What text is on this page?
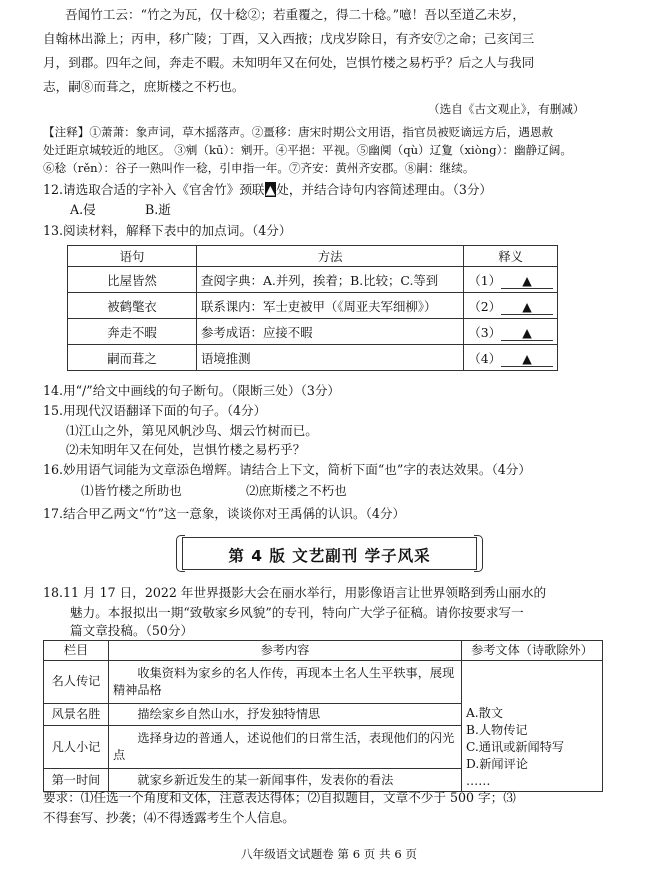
吾闻竹工云：“竹之为瓦，仅十稔②；若重覆之，得二十稔。”噫！吾以至道乙未岁，
自翰林出滁上；丙申，移广陵；丁酉，又入西掖；戊戌岁除日，有齐安⑦之命；己亥闰三
月，到郡。四年之间，奔走不暇。未知明年又在何处，岂惧竹楼之易朽乎？后之人与我同
志，嗣⑧而葺之，庶斯楼之不朽也。
（选自《古文观止》，有删减）
【注释】①萧萧：象声词，草木摇落声。②畺移：唐宋时期公文用语，指官员被贬谪远方后，遇恩赦
处迁距京城较近的地区。 ③剜（kū）：剜开。④平挹：平视。⑤幽阒（qù）辽夐（xiòng）：幽静辽阔。
⑥稔（rěn）：谷子一熟叫作一稔，引申指一年。⑦齐安：黄州齐安郡。⑧嗣：继续。
12.请选取合适的字补入《官舍竹》颈联▲处，并结合诗句内容简述理由。（3分）
A.侵	B.逝
13.阅读材料，解释下表中的加点词。（4分）
语句	方法	释义
比屋皆然	查阅字典：A.并列，挨着；B.比较；C.等到	（1） ▲
被鹤氅衣	联系课内：军士吏被甲（《周亚夫军细柳》）	（2） ▲
奔走不暇	参考成语：应接不暇	（3） ▲
嗣而葺之	语境推测	（4） ▲
14.用“/”给文中画线的句子断句。（限断三处）（3分）
15.用现代汉语翻译下面的句子。（4分）
⑴江山之外，第见风帆沙鸟、烟云竹树而已。
⑵未知明年又在何处，岂惧竹楼之易朽乎？
16.妙用语气词能为文章添色增辉。请结合上下文，简析下面“也”字的表达效果。（4分）
⑴皆竹楼之所助也	⑵庶斯楼之不朽也
17.结合甲乙两文“竹”这一意象，谈谈你对王禹偁的认识。（4分）
第 4 版 文艺副刊 学子风采
18.11 月 17 日，2022 年世界摄影大会在丽水举行，用影像语言让世界领略到秀山丽水的
魅力。本报拟出一期“致敬家乡风貌”的专刊，特向广大学子征稿。请你按要求写一
篇文章投稿。（50分）
栏目	参考内容	参考文体（诗歌除外）
名人传记	收集资料为家乡的名人作传，再现本土名人生平轶事，展现精神品格	A.散文
B.人物传记
C.通讯或新闻特写
D.新闻评论
……

风景名胜	描绘家乡自然山水，抒发独特情思	
凡人小记	选择身边的普通人，述说他们的日常生活，表现他们的闪光点	
第一时间	就家乡新近发生的某一新闻事件，发表你的看法	
要求：⑴任选一个角度和文体，注意表达得体；⑵自拟题目，文章不少于 500 字；⑶
不得套写、抄袭；⑷不得透露考生个人信息。
八年级语文试题卷 第 6 页 共 6 页
